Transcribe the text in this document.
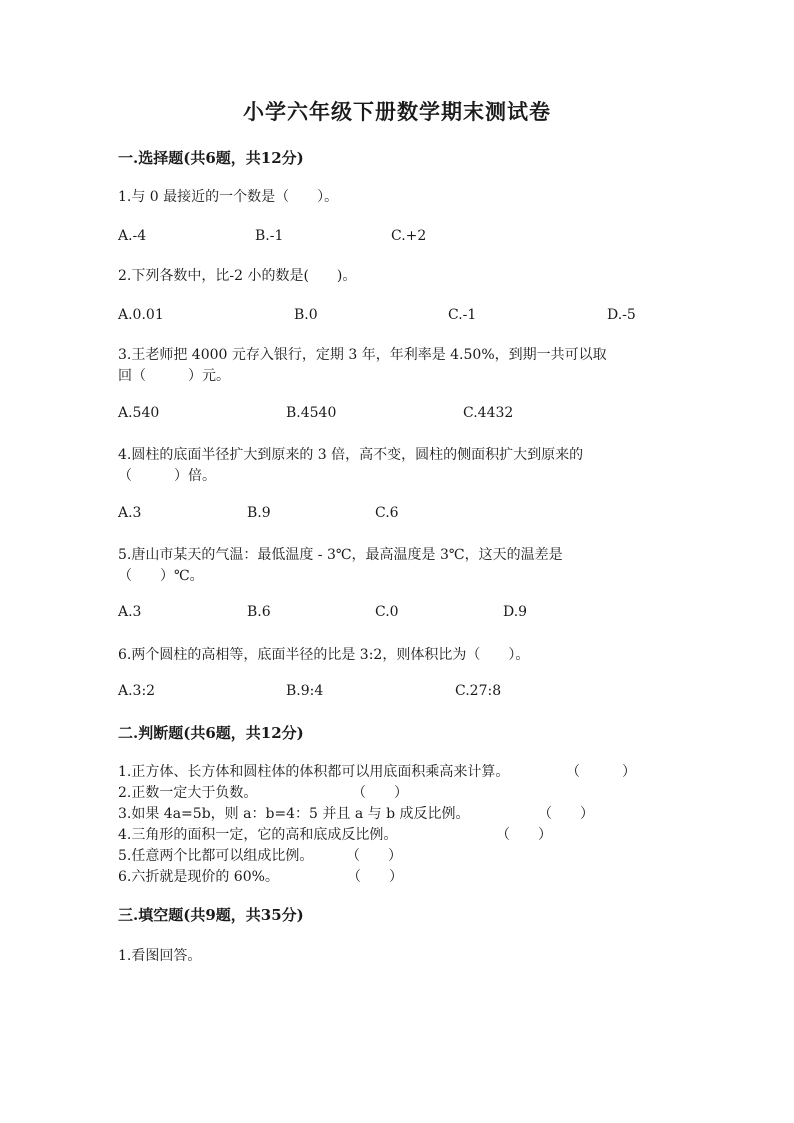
小学六年级下册数学期末测试卷
一.选择题(共6题，共12分)
1.与 0 最接近的一个数是（　　）。
A.-4	B.-1	C.+2
2.下列各数中，比-2 小的数是(　　)。
A.0.01	B.0	C.-1	D.-5
3.王老师把 4000 元存入银行，定期 3 年，年利率是 4.50%，到期一共可以取
回（　　　）元。
A.540	B.4540	C.4432
4.圆柱的底面半径扩大到原来的 3 倍，高不变，圆柱的侧面积扩大到原来的
（　　　）倍。
A.3	B.9	C.6
5.唐山市某天的气温：最低温度 - 3℃，最高温度是 3℃，这天的温差是
（　　）℃。
A.3	B.6	C.0	D.9
6.两个圆柱的高相等，底面半径的比是 3:2，则体积比为（　　）。
A.3:2	B.9:4	C.27:8
二.判断题(共6题，共12分)
1.正方体、长方体和圆柱体的体积都可以用底面积乘高来计算。	（　　　）
2.正数一定大于负数。	（　　）
3.如果 4a=5b，则 a：b=4：5 并且 a 与 b 成反比例。	（　　）
4.三角形的面积一定，它的高和底成反比例。	（　　）
5.任意两个比都可以组成比例。 （　　）
6.六折就是现价的 60%。	（　　）
三.填空题(共9题，共35分)
1.看图回答。
